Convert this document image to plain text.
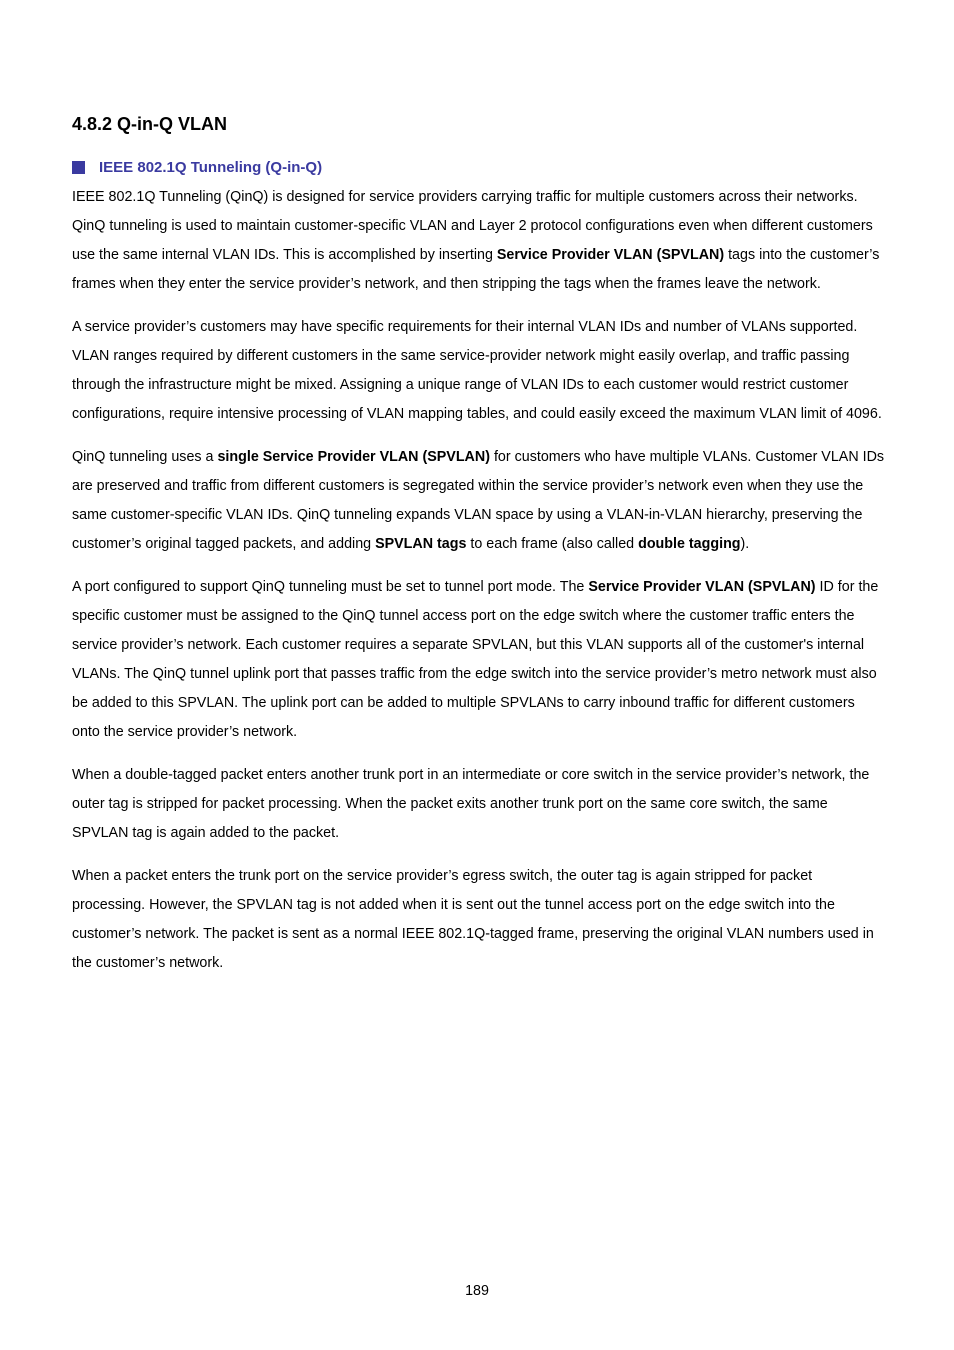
4.8.2 Q-in-Q VLAN
IEEE 802.1Q Tunneling (Q-in-Q)

IEEE 802.1Q Tunneling (QinQ) is designed for service providers carrying traffic for multiple customers across their networks. QinQ tunneling is used to maintain customer-specific VLAN and Layer 2 protocol configurations even when different customers use the same internal VLAN IDs. This is accomplished by inserting Service Provider VLAN (SPVLAN) tags into the customer’s frames when they enter the service provider’s network, and then stripping the tags when the frames leave the network.

A service provider’s customers may have specific requirements for their internal VLAN IDs and number of VLANs supported. VLAN ranges required by different customers in the same service-provider network might easily overlap, and traffic passing through the infrastructure might be mixed. Assigning a unique range of VLAN IDs to each customer would restrict customer configurations, require intensive processing of VLAN mapping tables, and could easily exceed the maximum VLAN limit of 4096.

QinQ tunneling uses a single Service Provider VLAN (SPVLAN) for customers who have multiple VLANs. Customer VLAN IDs are preserved and traffic from different customers is segregated within the service provider’s network even when they use the same customer-specific VLAN IDs. QinQ tunneling expands VLAN space by using a VLAN-in-VLAN hierarchy, preserving the customer’s original tagged packets, and adding SPVLAN tags to each frame (also called double tagging).

A port configured to support QinQ tunneling must be set to tunnel port mode. The Service Provider VLAN (SPVLAN) ID for the specific customer must be assigned to the QinQ tunnel access port on the edge switch where the customer traffic enters the service provider’s network. Each customer requires a separate SPVLAN, but this VLAN supports all of the customer's internal VLANs. The QinQ tunnel uplink port that passes traffic from the edge switch into the service provider’s metro network must also be added to this SPVLAN. The uplink port can be added to multiple SPVLANs to carry inbound traffic for different customers onto the service provider’s network.

When a double-tagged packet enters another trunk port in an intermediate or core switch in the service provider’s network, the outer tag is stripped for packet processing. When the packet exits another trunk port on the same core switch, the same SPVLAN tag is again added to the packet.

When a packet enters the trunk port on the service provider’s egress switch, the outer tag is again stripped for packet processing. However, the SPVLAN tag is not added when it is sent out the tunnel access port on the edge switch into the customer’s network. The packet is sent as a normal IEEE 802.1Q-tagged frame, preserving the original VLAN numbers used in the customer’s network.

189
